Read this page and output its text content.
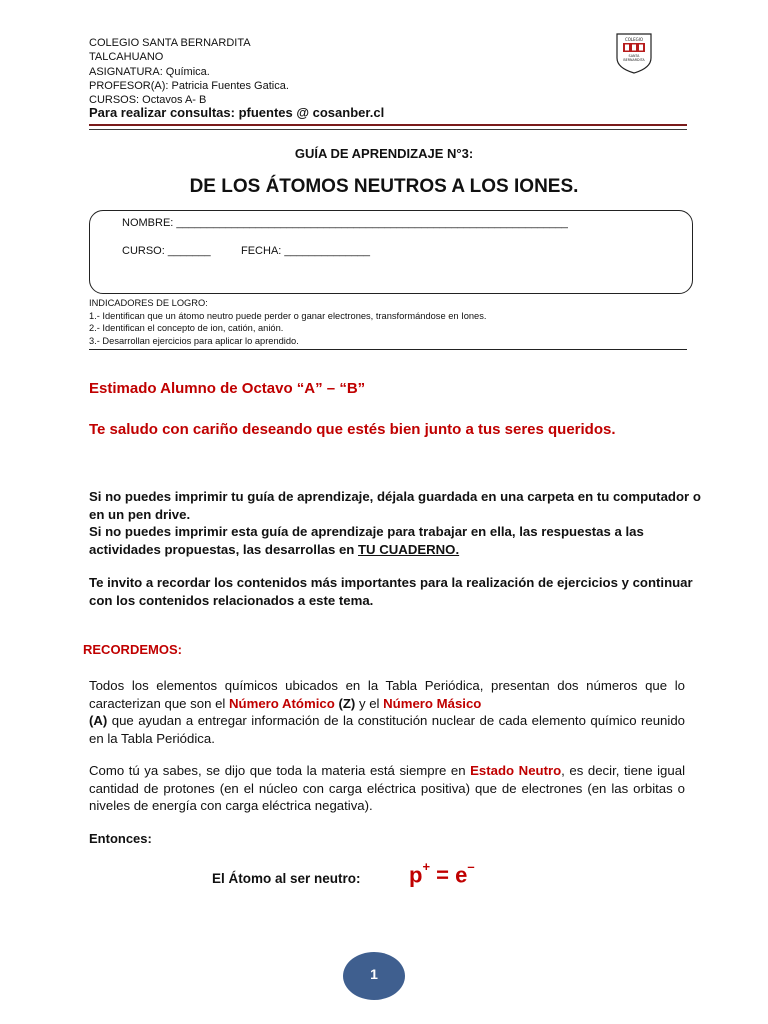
COLEGIO SANTA BERNARDITA
TALCAHUANO
ASIGNATURA: Química.
PROFESOR(A): Patricia Fuentes Gatica.
CURSOS: Octavos A- B
Para realizar consultas: pfuentes @ cosanber.cl
COLEGIO
SANTA
BERNARDITA
GUÍA DE APRENDIZAJE N°3:
DE LOS ÁTOMOS NEUTROS A LOS IONES.
NOMBRE: ________________________________________________________________
CURSO: _______	FECHA: ______________
INDICADORES DE LOGRO:
1.- Identifican que un átomo neutro puede perder o ganar electrones, transformándose en Iones.
2.- Identifican el concepto de ion, catión, anión.
3.- Desarrollan ejercicios para aplicar lo aprendido.
Estimado Alumno de Octavo “A” – “B”
Te saludo con cariño deseando que estés bien junto a tus seres queridos.
Si no puedes imprimir tu guía de aprendizaje, déjala guardada en una carpeta en tu computador o en un pen drive.
Si no puedes imprimir esta guía de aprendizaje para trabajar en ella, las respuestas a las actividades propuestas, las desarrollas en TU CUADERNO.
Te invito a recordar los contenidos más importantes para la realización de ejercicios y continuar con los contenidos relacionados a este tema.
RECORDEMOS:
Todos los elementos químicos ubicados en la Tabla Periódica, presentan dos números que lo caracterizan que son el Número Atómico (Z) y el Número Másico
(A) que ayudan a entregar información de la constitución nuclear de cada elemento químico reunido en la Tabla Periódica.
Como tú ya sabes, se dijo que toda la materia está siempre en Estado Neutro, es decir, tiene igual cantidad de protones (en el núcleo con carga eléctrica positiva) que de electrones (en las orbitas o niveles de energía con carga eléctrica negativa).
Entonces:
El Átomo al ser neutro: p+ = e–
1
